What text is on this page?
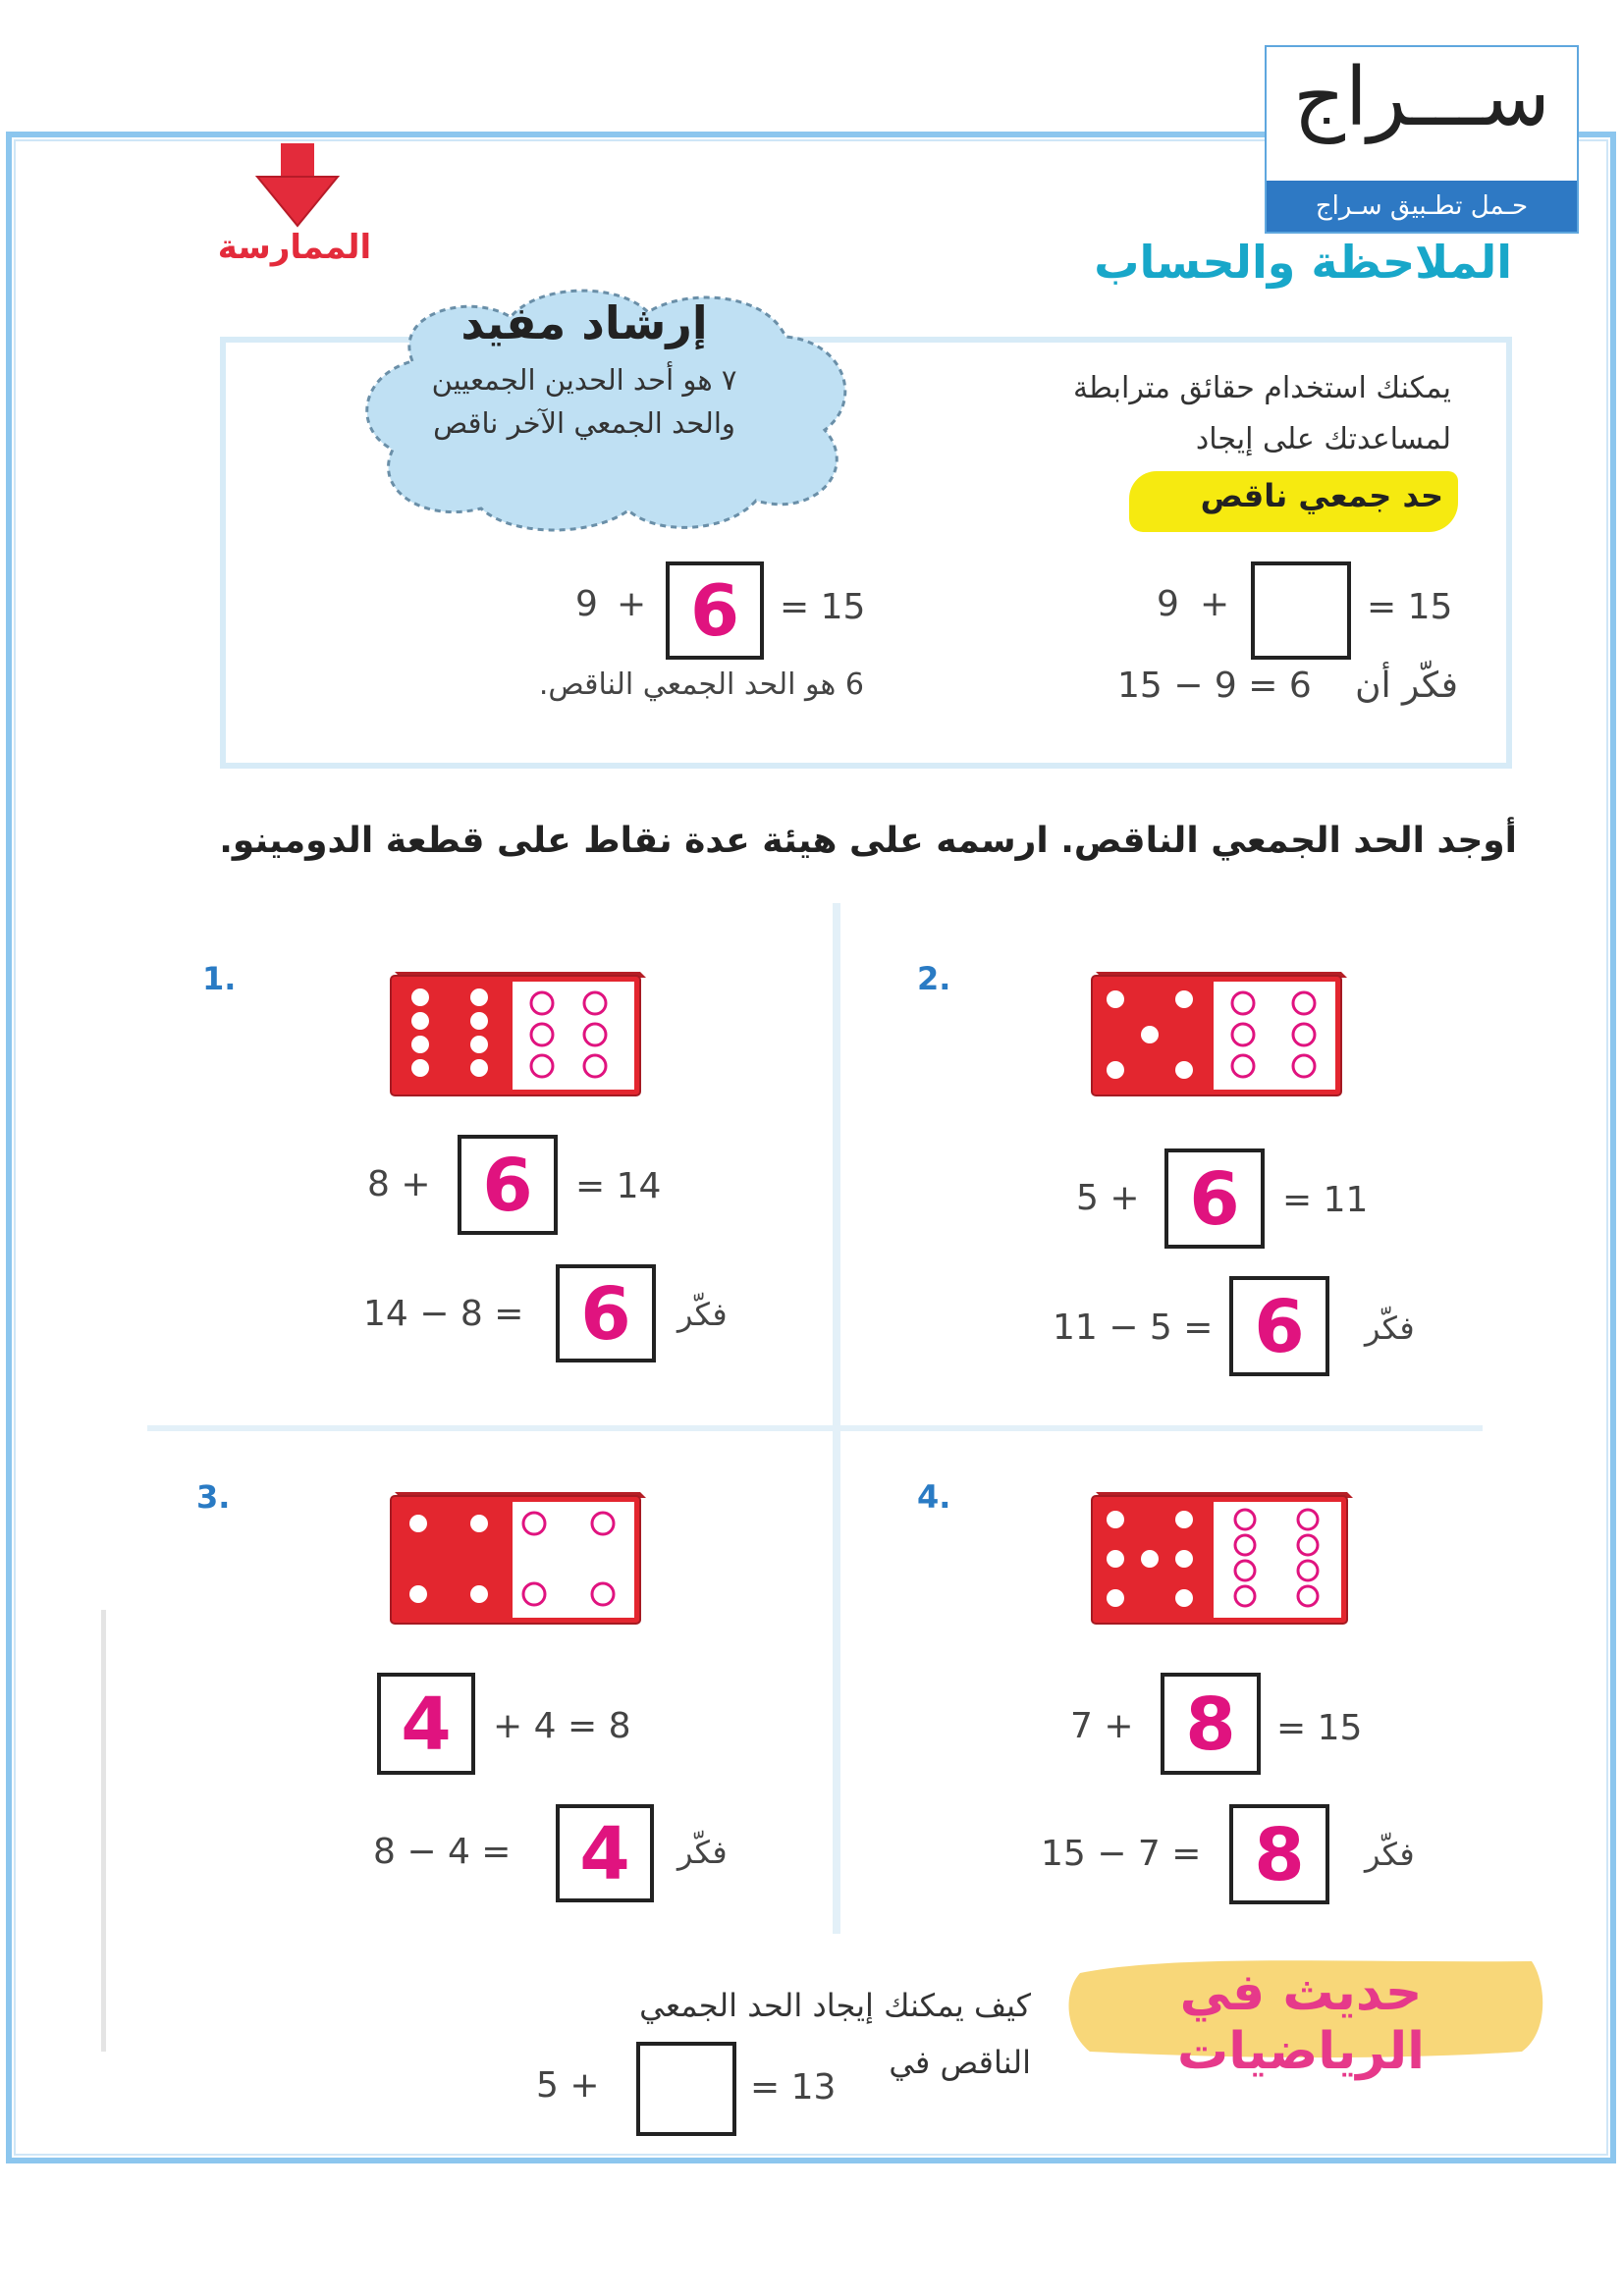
ســـراج
حـمل تطـبيق سـراج
الممارسة	الملاحظة والحساب
يمكنك استخدام حقائق مترابطة
لمساعدتك على إيجاد
حد جمعي ناقص
9 +	= 15
فكّر أن
15 − 9 = 6
إرشاد مفيد
٧ هو أحد الحدين الجمعيين
والحد الجمعي الآخر ناقص
9 + 6	= 15
6 هو الحد الجمعي الناقص.
أوجد الحد الجمعي الناقص. ارسمه على هيئة عدة نقاط على قطعة الدومينو.
1.
8 + 6	= 14
14 − 8 = 6	فكّر
2.
5 + 6	= 11
11 − 5 = 6	فكّر
3.
4	+ 4 = 8
8 − 4 = 4	فكّر
4.
7 + 8	= 15
15 − 7 = 8	فكّر
حديث في الرياضيات
كيف يمكنك إيجاد الحد الجمعي
الناقص في
5 +	= 13
